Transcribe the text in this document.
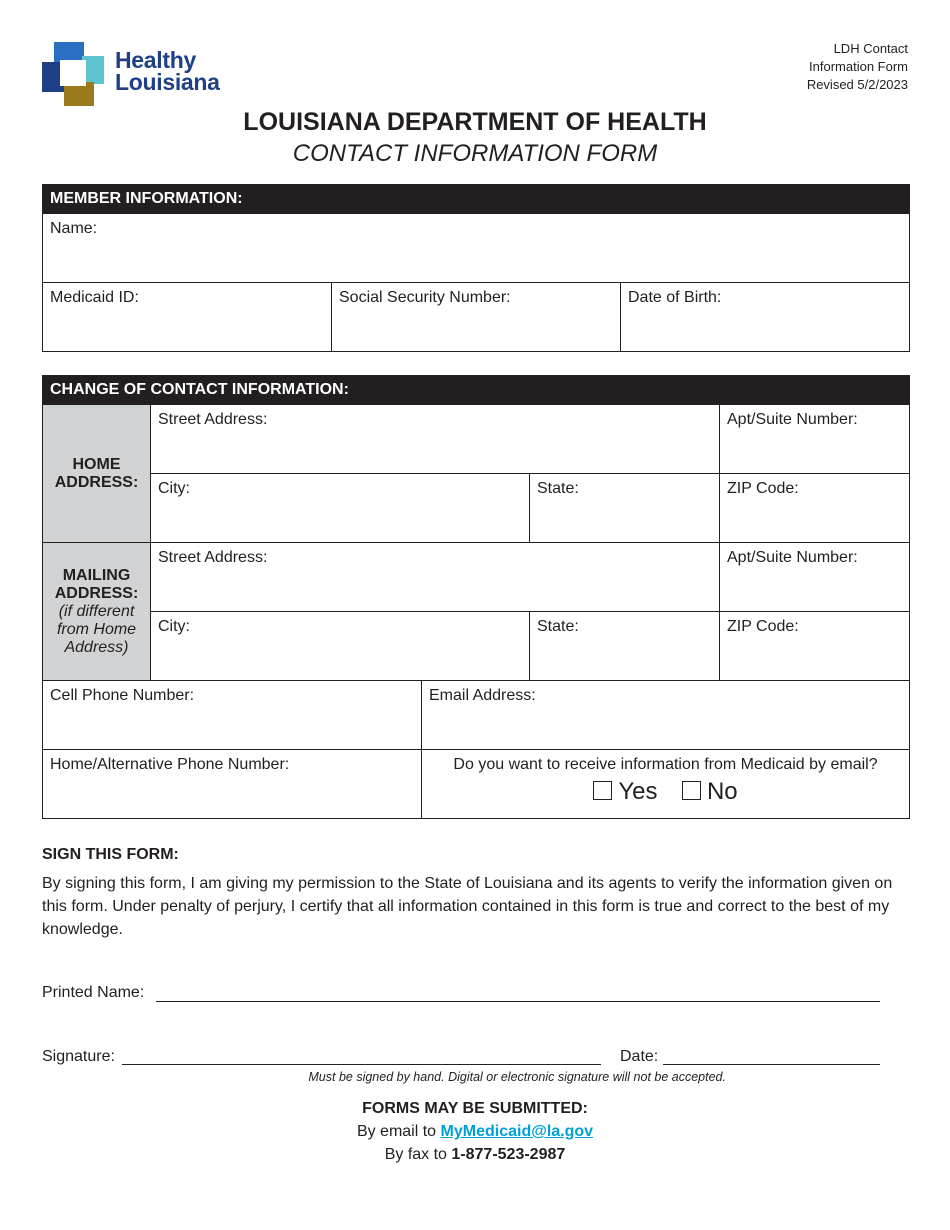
Healthy
Louisiana
LDH Contact
Information Form
Revised 5/2/2023
LOUISIANA DEPARTMENT OF HEALTH
CONTACT INFORMATION FORM
MEMBER INFORMATION:
Name:
Medicaid ID:	Social Security Number:	Date of Birth:
CHANGE OF CONTACT INFORMATION:				

HOME
ADDRESS:	Street Address:			Apt/Suite Number:
	City:		State:	ZIP Code:

MAILING
ADDRESS:
(if different from Home Address)	Street Address:			Apt/Suite Number:
	City:		State:	ZIP Code:
Cell Phone Number:		Email Address:		
Home/Alternative Phone Number:		Do you want to receive information from Medicaid by email?
Yes No		
SIGN THIS FORM:
By signing this form, I am giving my permission to the State of Louisiana and its agents to verify the information given on this form. Under penalty of perjury, I certify that all information contained in this form is true and correct to the best of my knowledge.
Printed Name:
Signature:	Date:
Must be signed by hand. Digital or electronic signature will not be accepted.
FORMS MAY BE SUBMITTED:
By email to MyMedicaid@la.gov
By fax to 1-877-523-2987
